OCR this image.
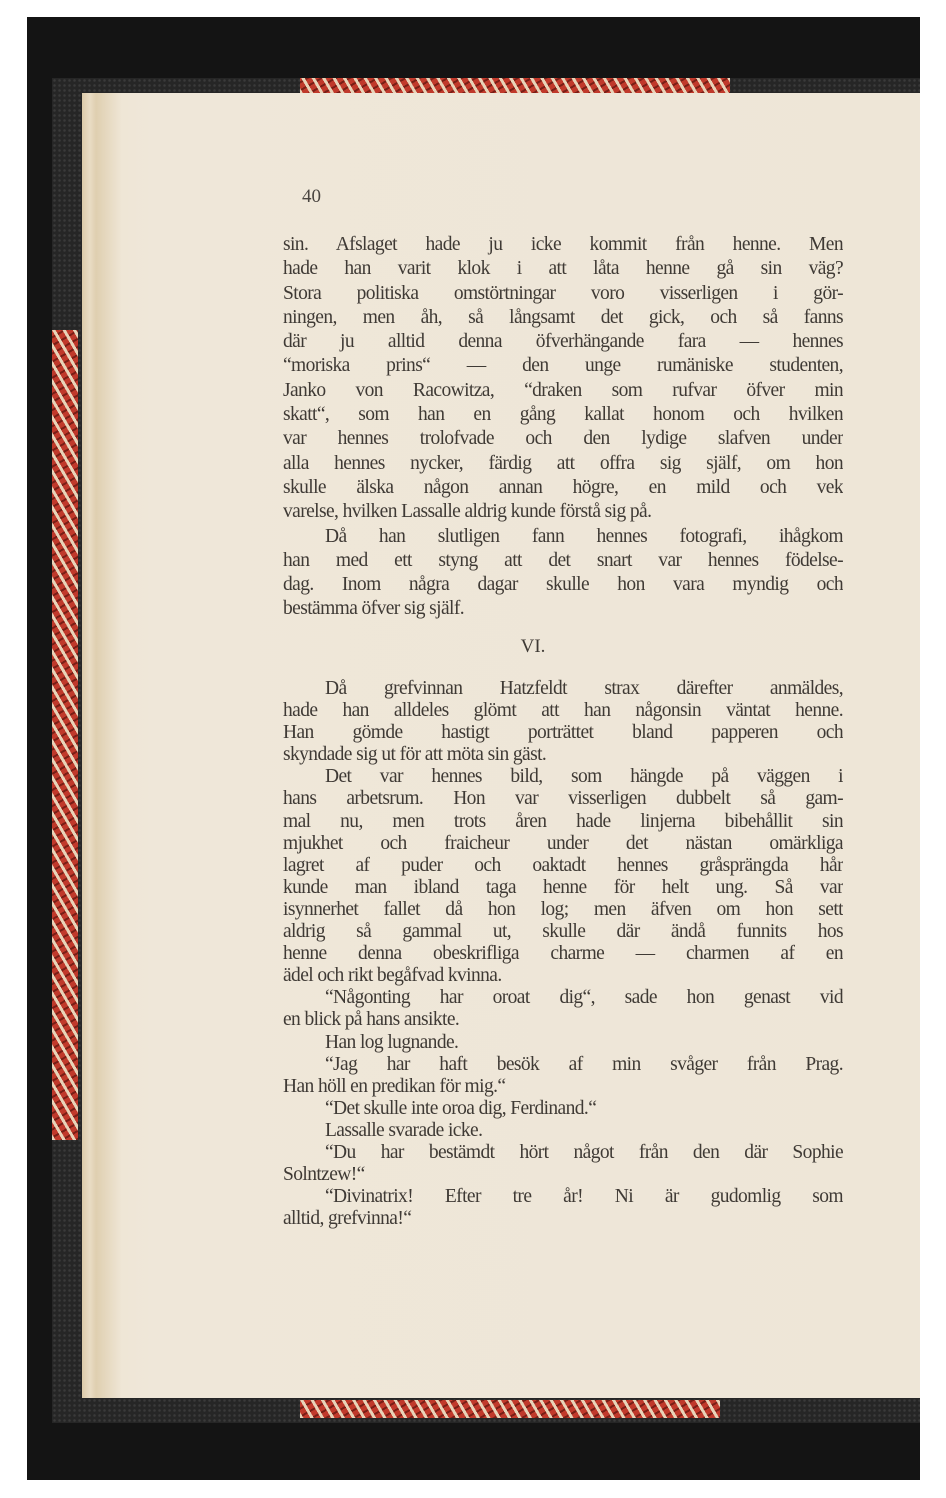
40
sin. Afslaget hade ju icke kommit från henne. Men
hade han varit klok i att låta henne gå sin väg?
Stora politiska omstörtningar voro visserligen i gör-
ningen, men åh, så långsamt det gick, och så fanns
där ju alltid denna öfverhängande fara — hennes
“moriska prins“ — den unge rumäniske studenten,
Janko von Racowitza, “draken som rufvar öfver min
skatt“, som han en gång kallat honom och hvilken
var hennes trolofvade och den lydige slafven under
alla hennes nycker, färdig att offra sig själf, om hon
skulle älska någon annan högre, en mild och vek
varelse, hvilken Lassalle aldrig kunde förstå sig på.
Då han slutligen fann hennes fotografi, ihågkom
han med ett styng att det snart var hennes födelse-
dag. Inom några dagar skulle hon vara myndig och
bestämma öfver sig själf.
VI.
Då grefvinnan Hatzfeldt strax därefter anmäldes,
hade han alldeles glömt att han någonsin väntat henne.
Han gömde hastigt porträttet bland papperen och
skyndade sig ut för att möta sin gäst.
Det var hennes bild, som hängde på väggen i
hans arbetsrum. Hon var visserligen dubbelt så gam-
mal nu, men trots åren hade linjerna bibehållit sin
mjukhet och fraicheur under det nästan omärkliga
lagret af puder och oaktadt hennes gråsprängda hår
kunde man ibland taga henne för helt ung. Så var
isynnerhet fallet då hon log; men äfven om hon sett
aldrig så gammal ut, skulle där ändå funnits hos
henne denna obeskrifliga charme — charmen af en
ädel och rikt begåfvad kvinna.
“Någonting har oroat dig“, sade hon genast vid
en blick på hans ansikte.
Han log lugnande.
“Jag har haft besök af min svåger från Prag.
Han höll en predikan för mig.“
“Det skulle inte oroa dig, Ferdinand.“
Lassalle svarade icke.
“Du har bestämdt hört något från den där Sophie
Solntzew!“
“Divinatrix! Efter tre år! Ni är gudomlig som
alltid, grefvinna!“
